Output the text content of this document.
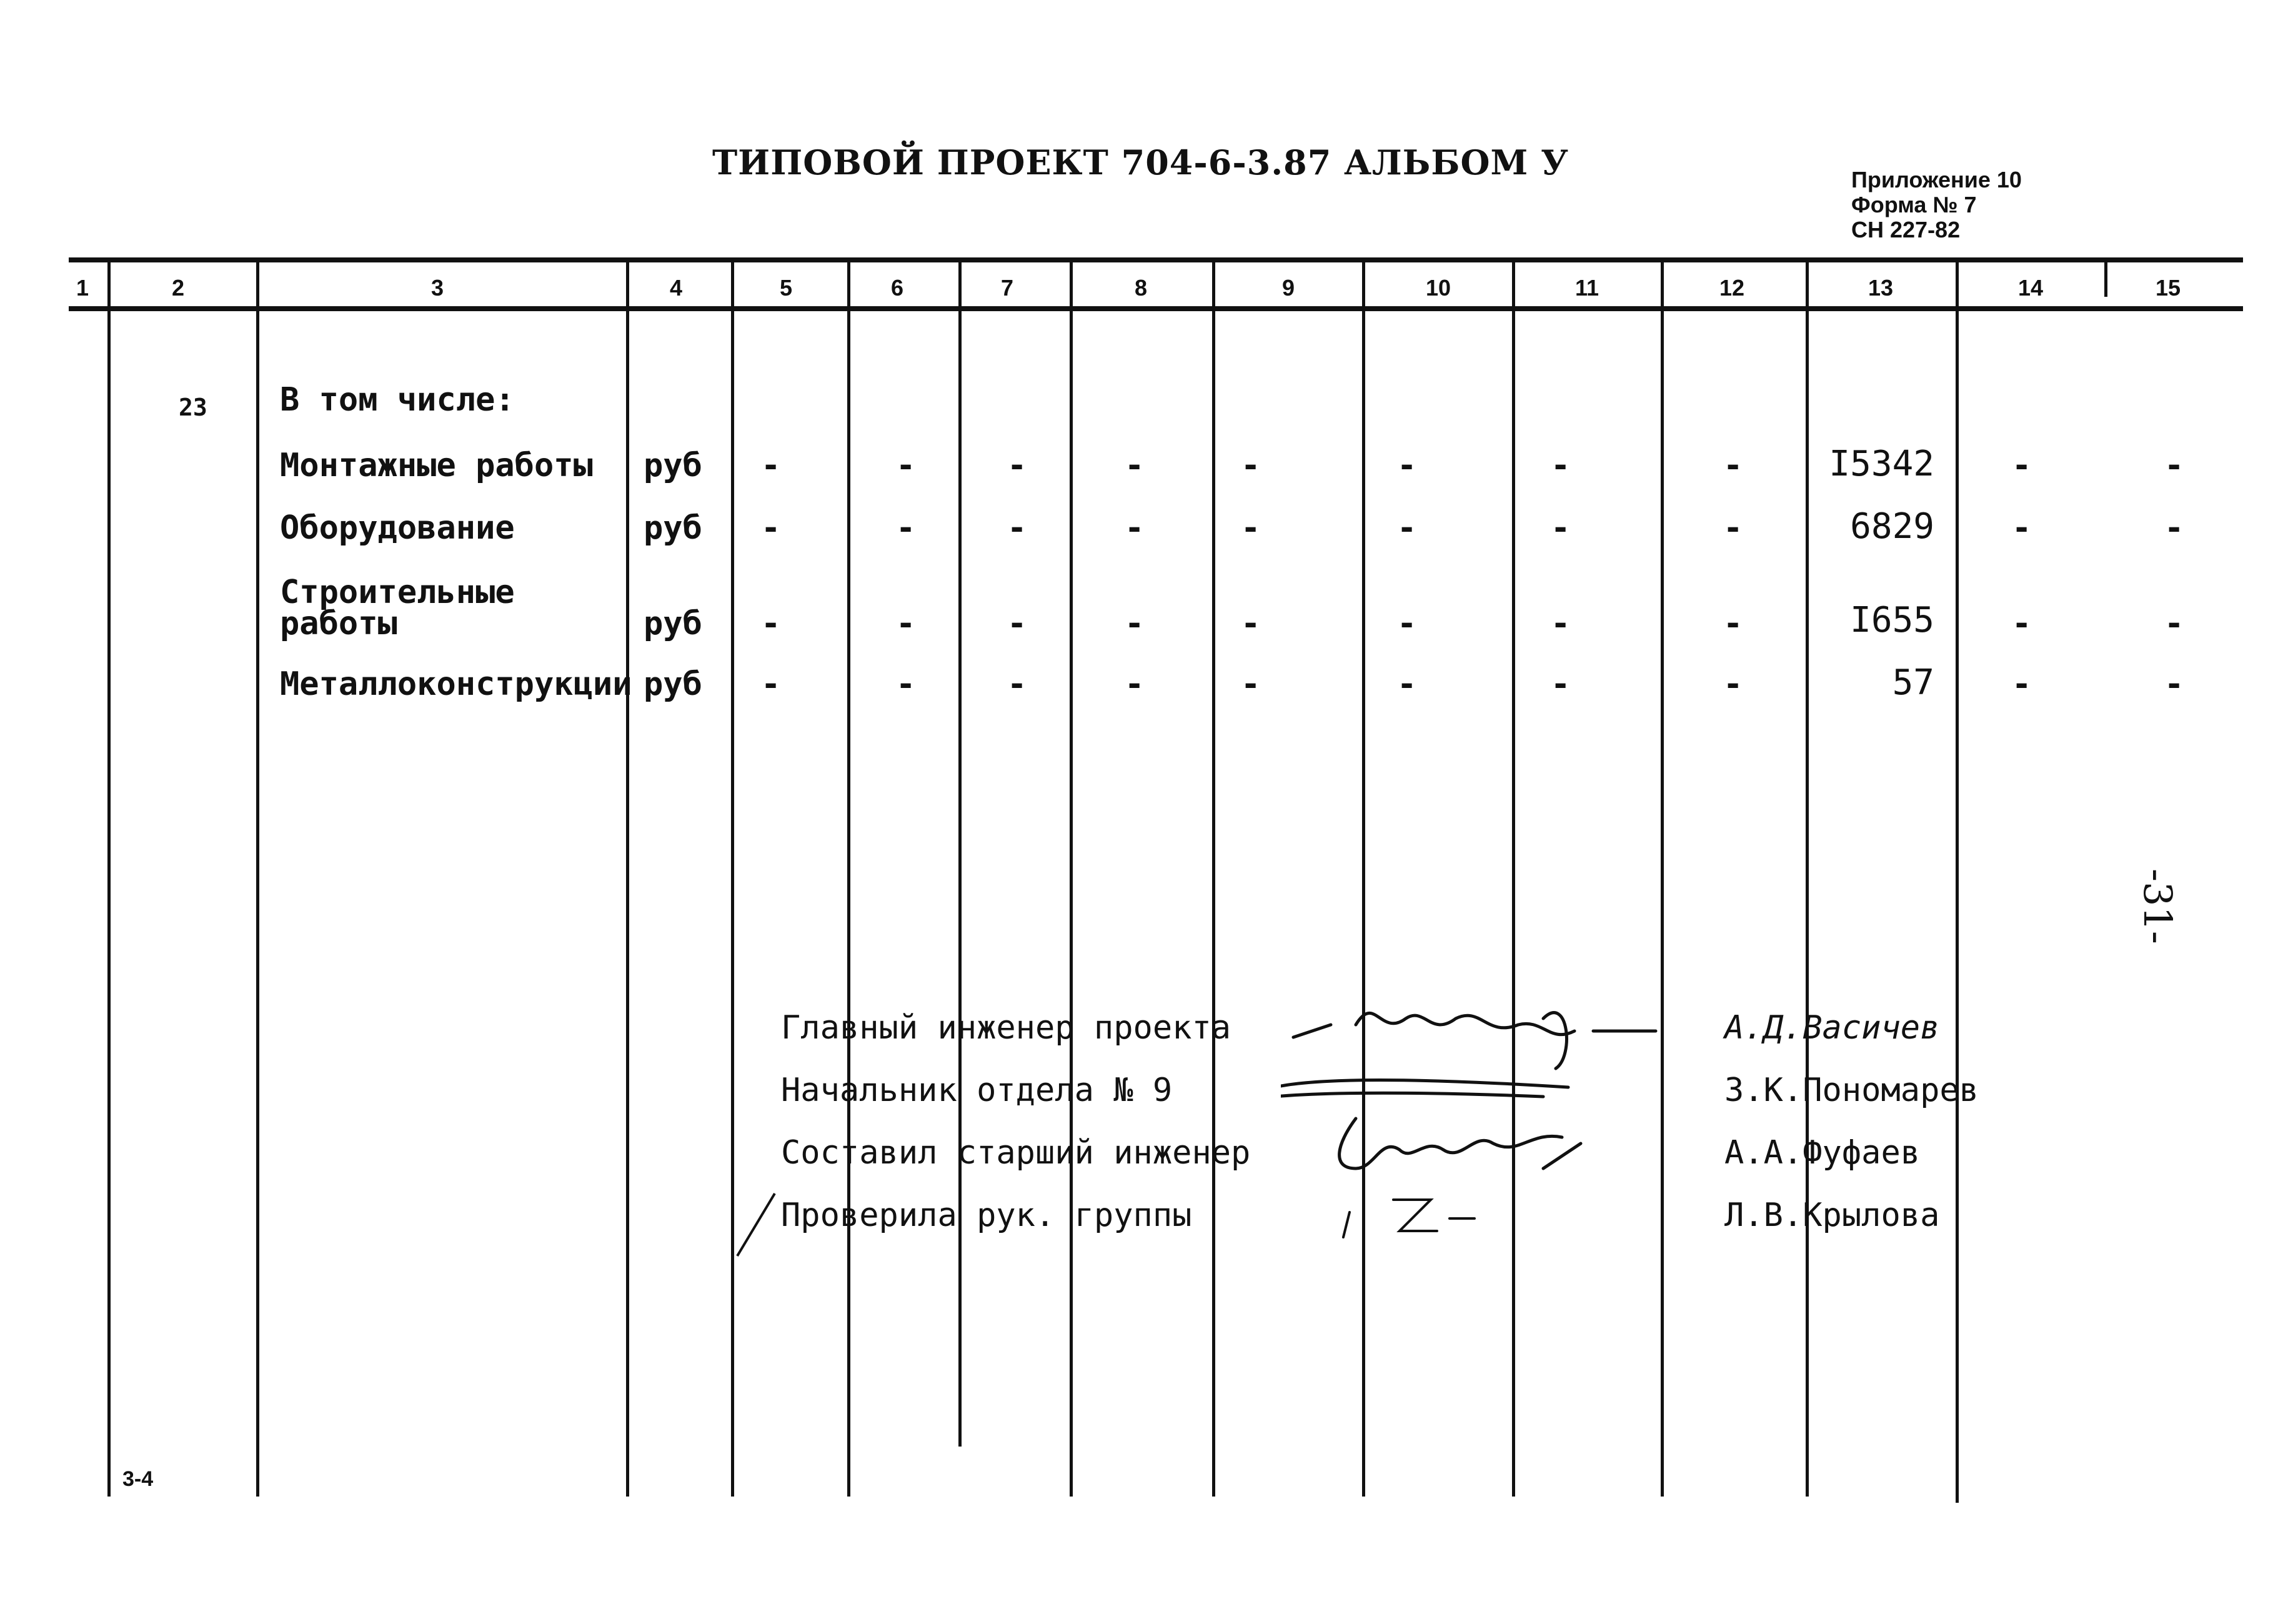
ТИПОВОЙ ПРОЕКТ 704-6-3.87 АЛЬБОМ У	Приложение 10
Форма № 7
СН 227-82
1	2	3	4	5	6	7	8	9	10	11	12	13	14	15
23 В том числе:
Монтажные работы руб -	-	-	-	-	-	-	-	I5342 -	-
Оборудование	руб -	-	-	-	-	-	-	-	6829 -	-
Строительные
работы	руб -	-	-	-	-	-	-	-	I655 -	-
Металлоконструкции руб -	-	-	-	-	-	-	-	57 -	-
Главный инженер проекта	А.Д.Васичев
Начальник отдела № 9	З.К.Пономарев
Составил старший инженер	А.А.Фуфаев
Проверила рук. группы	Л.В.Крылова
-31-
3-4
